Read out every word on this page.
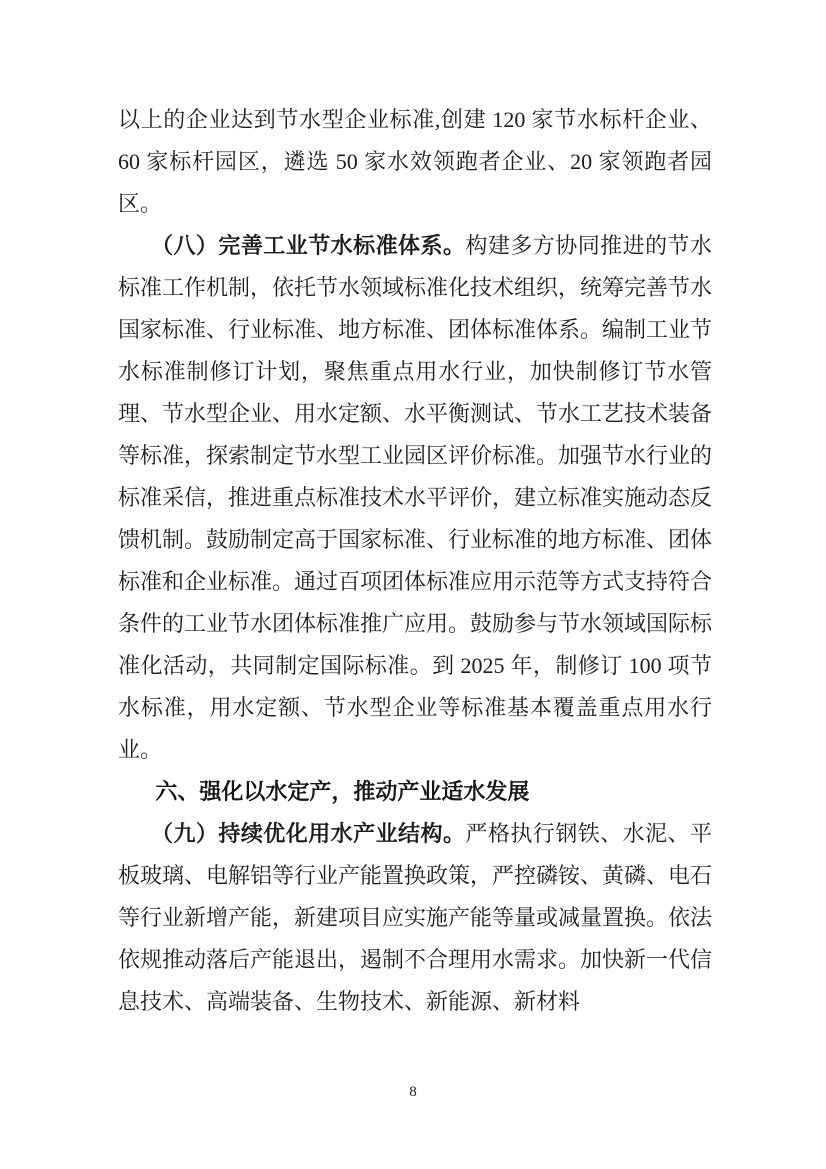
以上的企业达到节水型企业标准,创建 120 家节水标杆企业、60 家标杆园区，遴选 50 家水效领跑者企业、20 家领跑者园区。

（八）完善工业节水标准体系。构建多方协同推进的节水标准工作机制，依托节水领域标准化技术组织，统筹完善节水国家标准、行业标准、地方标准、团体标准体系。编制工业节水标准制修订计划，聚焦重点用水行业，加快制修订节水管理、节水型企业、用水定额、水平衡测试、节水工艺技术装备等标准，探索制定节水型工业园区评价标准。加强节水行业的标准采信，推进重点标准技术水平评价，建立标准实施动态反馈机制。鼓励制定高于国家标准、行业标准的地方标准、团体标准和企业标准。通过百项团体标准应用示范等方式支持符合条件的工业节水团体标准推广应用。鼓励参与节水领域国际标准化活动，共同制定国际标准。到 2025 年，制修订 100 项节水标准，用水定额、节水型企业等标准基本覆盖重点用水行业。

六、强化以水定产，推动产业适水发展

（九）持续优化用水产业结构。严格执行钢铁、水泥、平板玻璃、电解铝等行业产能置换政策，严控磷铵、黄磷、电石等行业新增产能，新建项目应实施产能等量或减量置换。依法依规推动落后产能退出，遏制不合理用水需求。加快新一代信息技术、高端装备、生物技术、新能源、新材料

8
